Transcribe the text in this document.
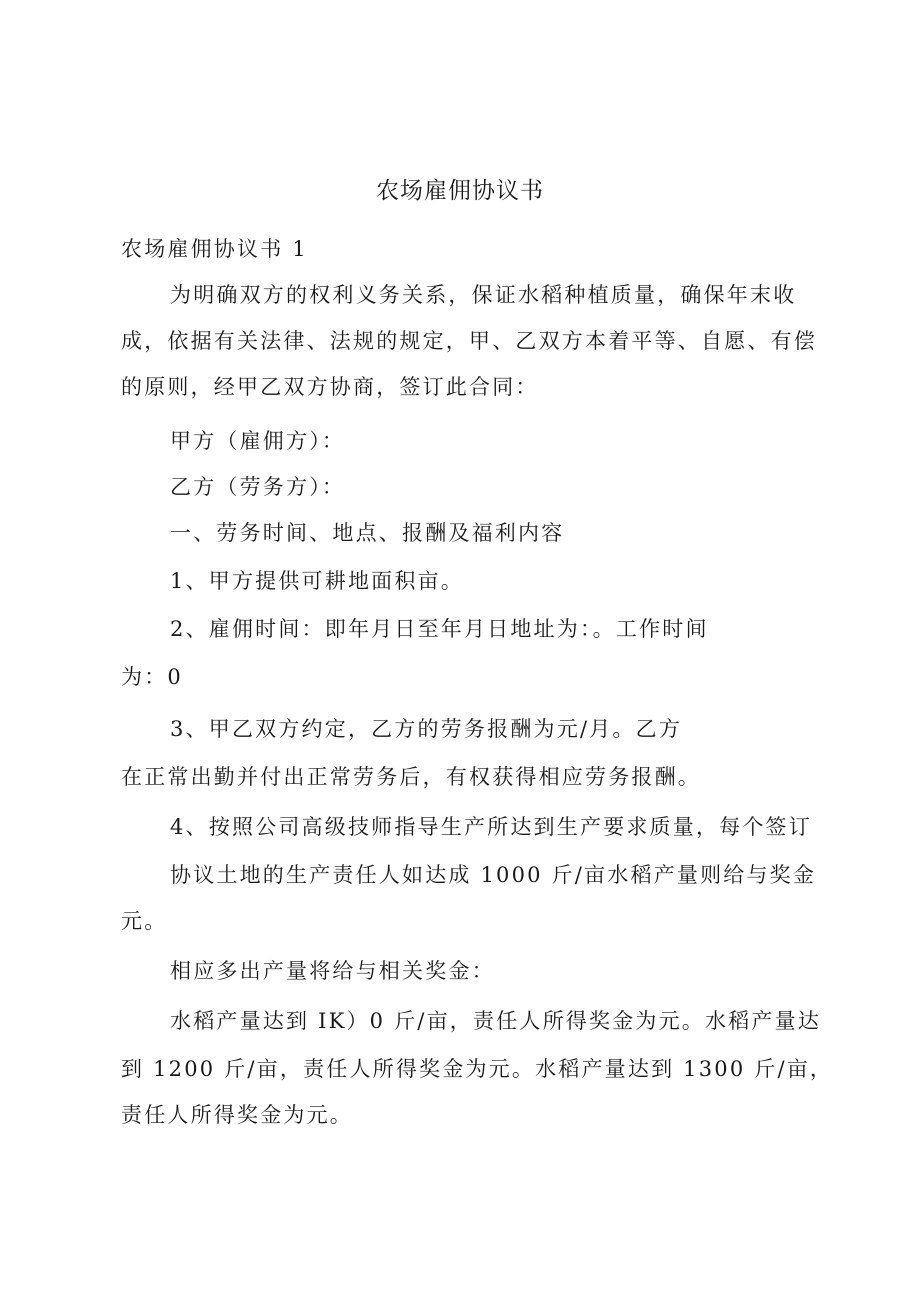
农场雇佣协议书
农场雇佣协议书 1
为明确双方的权利义务关系，保证水稻种植质量，确保年末收
成，依据有关法律、法规的规定，甲、乙双方本着平等、自愿、有偿
的原则，经甲乙双方协商，签订此合同：
甲方（雇佣方）：
乙方（劳务方）：
一、劳务时间、地点、报酬及福利内容
1、甲方提供可耕地面积亩。
2、雇佣时间：即年月日至年月日地址为：。工作时间
为：0
3、甲乙双方约定，乙方的劳务报酬为元/月。乙方
在正常出勤并付出正常劳务后，有权获得相应劳务报酬。
4、按照公司高级技师指导生产所达到生产要求质量，每个签订
协议土地的生产责任人如达成 1000 斤/亩水稻产量则给与奖金
元。
相应多出产量将给与相关奖金：
水稻产量达到 IK）0 斤/亩，责任人所得奖金为元。水稻产量达
到 1200 斤/亩，责任人所得奖金为元。水稻产量达到 1300 斤/亩，
责任人所得奖金为元。
